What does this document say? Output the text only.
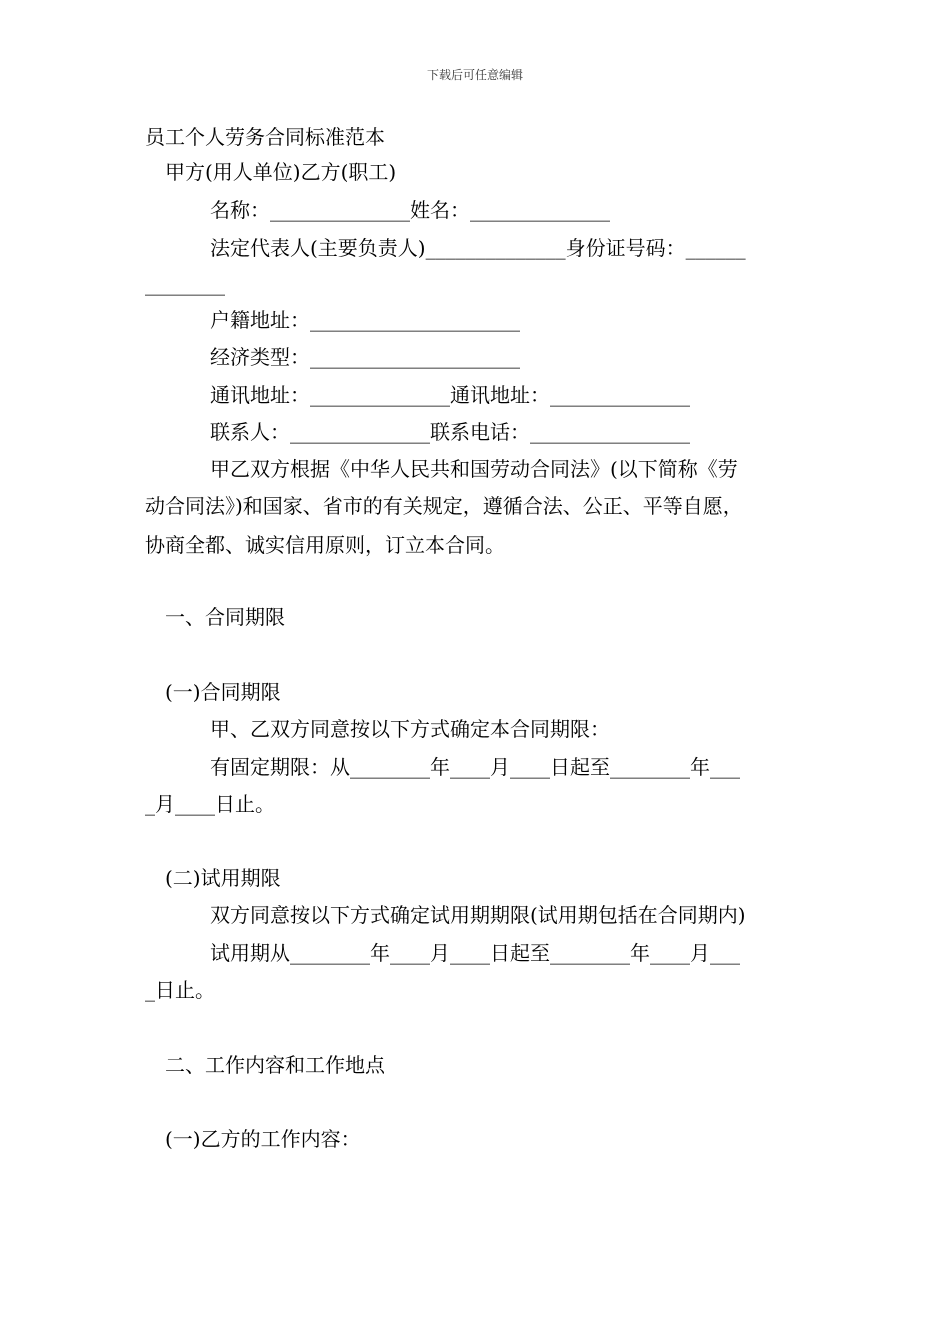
下载后可任意编辑
员工个人劳务合同标准范本
甲方(用人单位)乙方(职工)
名称：______________姓名：______________
法定代表人(主要负责人)______________身份证号码：______
________
户籍地址：_____________________
经济类型：_____________________
通讯地址：______________通讯地址：______________
联系人：______________联系电话：________________
甲乙双方根据《中华人民共和国劳动合同法》(以下简称《劳
动合同法》)和国家、省市的有关规定，遵循合法、公正、平等自愿，
协商全都、诚实信用原则，订立本合同。
一、合同期限
(一)合同期限
甲、乙双方同意按以下方式确定本合同期限：
有固定期限：从________年____月____日起至________年___
_月____日止。
(二)试用期限
双方同意按以下方式确定试用期期限(试用期包括在合同期内)
试用期从________年____月____日起至________年____月___
_日止。
二、工作内容和工作地点
(一)乙方的工作内容：
